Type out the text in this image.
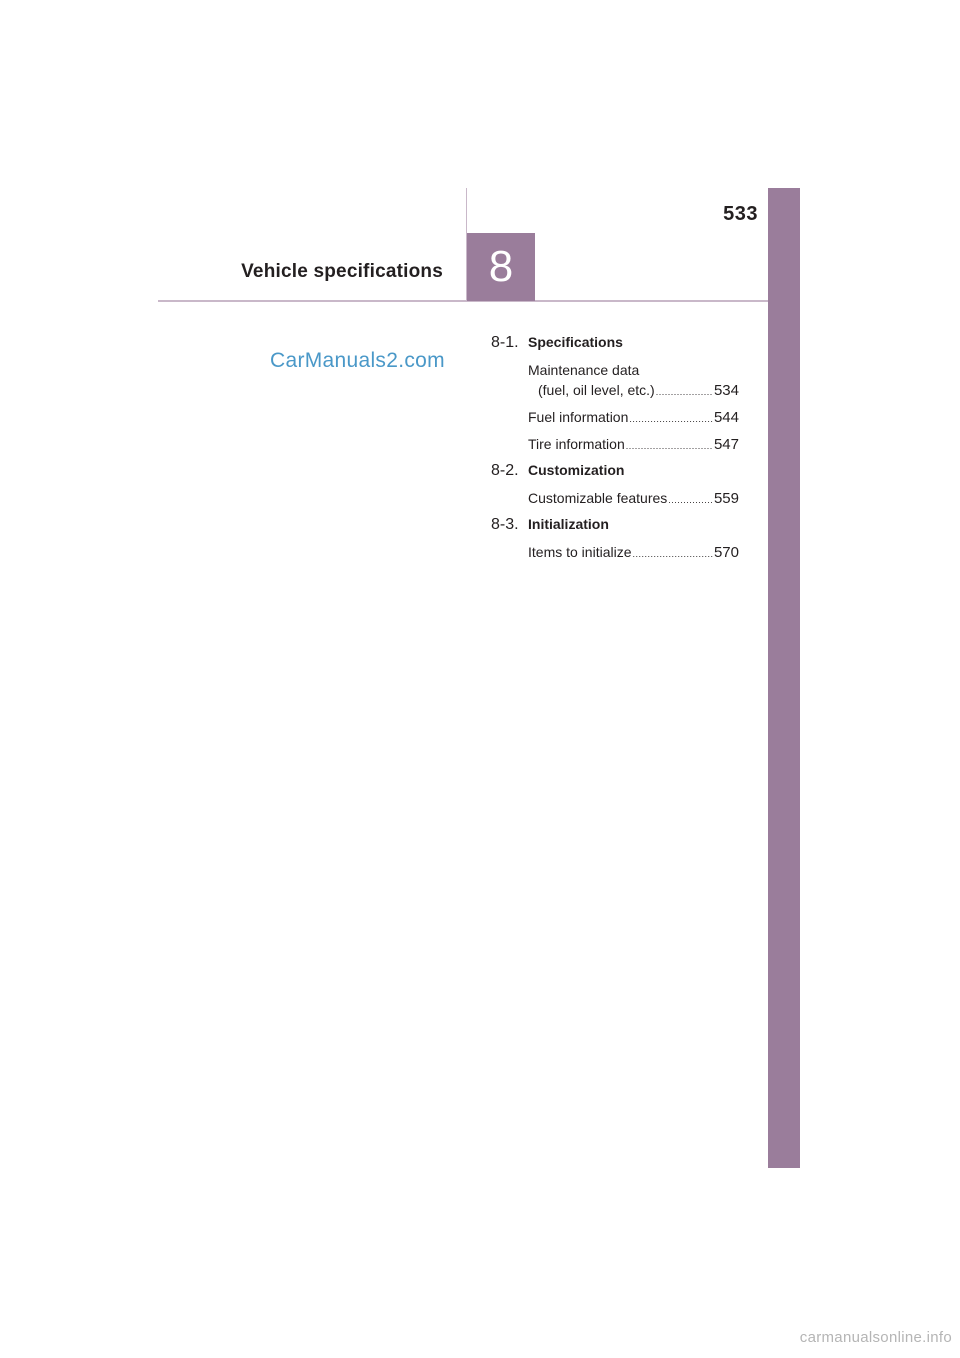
533
Vehicle specifications	8
CarManuals2.com
8-1. Specifications
Maintenance data
(fuel, oil level, etc.) .....	534
Fuel information .....	544
Tire information .....	547
8-2. Customization
Customizable features .....	559
8-3. Initialization
Items to initialize .....	570
carmanualsonline.info
